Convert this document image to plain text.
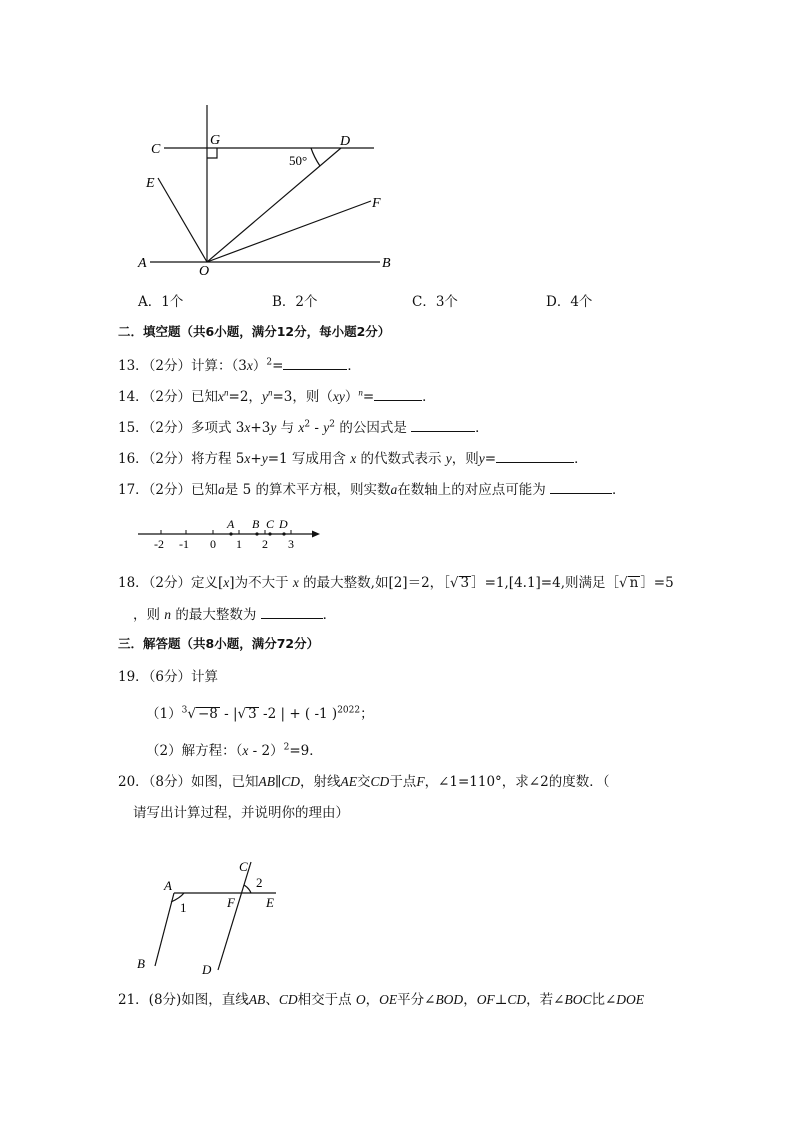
C
G	D
50°
E
F
A
O
B
A．1个	B．2个	C．3个	D．4个
二．填空题（共6小题，满分12分，每小题2分）
13．（2分）计算：$(3x)^2=$	．
14．（2分）已知$x^n=2$，$y^n=3$，则（xy）$^n$=	．
15．（2分）多项式 3x+3y 与 $x^2 - y^2$ 的公因式是	．
16．（2分）将方程 5x+y=1 写成用含 x 的代数式表示 y，则y=	．
17．（2分）已知a是 5 的算术平方根，则实数a在数轴上的对应点可能为	．
A B C D
-2 -1 0 1 2 3
18．（2分）定义[x]为不大于 x 的最大整数,如[2]＝2，［√ 3 ］=1,[4.1]=4,则满足［√ n ］=5
，则 n 的最大整数为	．
三．解答题（共8小题，满分72分）
19．（6分）计算
$(1)^3√ -8$ - |√ 3 -2 | + ( -1 )$^{2022}$；
（2）解方程：（x - 2）$^2$=9．
20．（8分）如图，已知AB∥CD，射线AE交CD于点F，∠1=110°，求∠2的度数．（
请写出计算过程，并说明你的理由）
C
A
F E
B	D
2
1
21．(8分)如图，直线AB、CD相交于点 O，OE平分∠BOD，OF⊥CD，若∠BOC比∠DOE
